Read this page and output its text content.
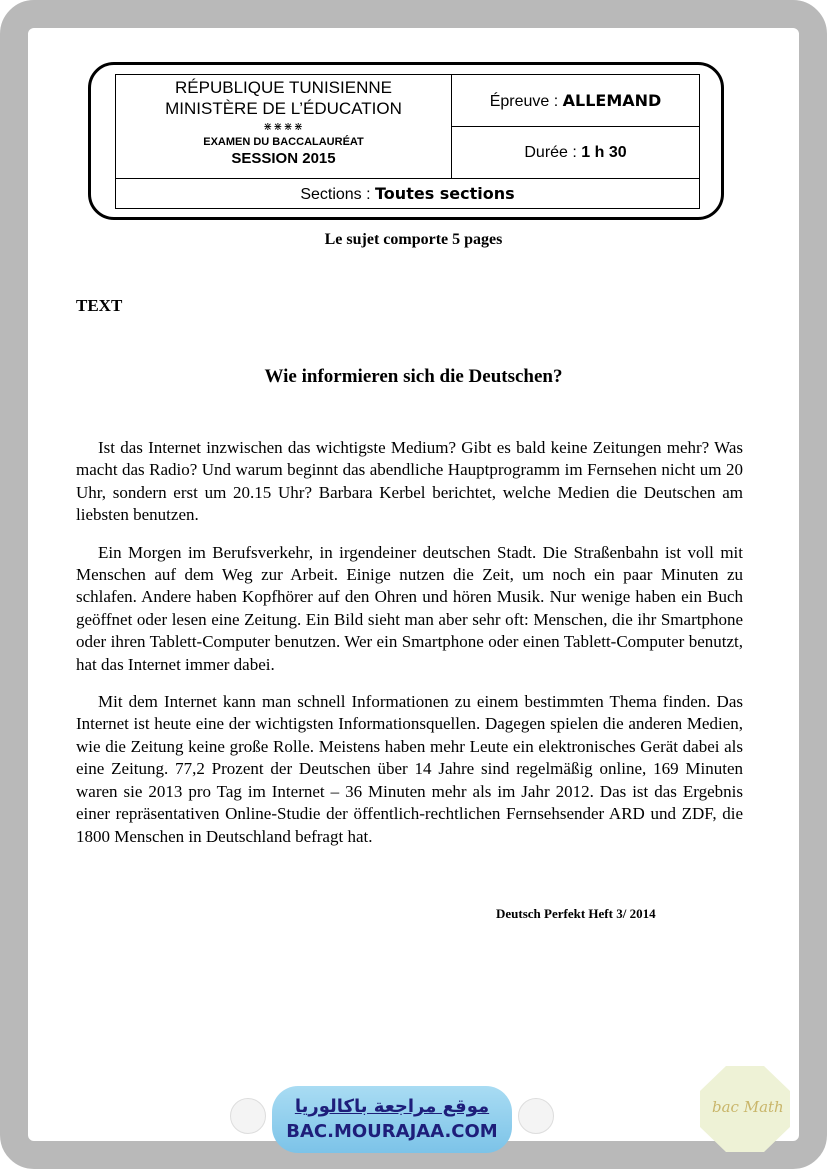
RÉPUBLIQUE TUNISIENNE
MINISTÈRE DE L’ÉDUCATION
⋇⋇⋇⋇
EXAMEN DU BACCALAURÉAT
SESSION 2015
	Épreuve : ALLEMAND
Durée : 1 h 30
Sections : Toutes sections
Le sujet comporte 5 pages
TEXT
Wie informieren sich die Deutschen?

Ist das Internet inzwischen das wichtigste Medium? Gibt es bald keine Zeitungen mehr? Was macht das Radio? Und warum beginnt das abendliche Hauptprogramm im Fernsehen nicht um 20 Uhr, sondern erst um 20.15 Uhr? Barbara Kerbel berichtet, welche Medien die Deutschen am liebsten benutzen.

Ein Morgen im Berufsverkehr, in irgendeiner deutschen Stadt. Die Straßenbahn ist voll mit Menschen auf dem Weg zur Arbeit. Einige nutzen die Zeit, um noch ein paar Minuten zu schlafen. Andere haben Kopfhörer auf den Ohren und hören Musik. Nur wenige haben ein Buch geöffnet oder lesen eine Zeitung. Ein Bild sieht man aber sehr oft: Menschen, die ihr Smartphone oder ihren Tablett-Computer benutzen. Wer ein Smartphone oder einen Tablett-Computer benutzt, hat das Internet immer dabei.

Mit dem Internet kann man schnell Informationen zu einem bestimmten Thema finden. Das Internet ist heute eine der wichtigsten Informationsquellen. Dagegen spielen die anderen Medien, wie die Zeitung keine große Rolle. Meistens haben mehr Leute ein elektronisches Gerät dabei als eine Zeitung. 77,2 Prozent der Deutschen über 14 Jahre sind regelmäßig online, 169 Minuten waren sie 2013 pro Tag im Internet – 36 Minuten mehr als im Jahr 2012. Das ist das Ergebnis einer repräsentativen Online-Studie der öffentlich-rechtlichen Fernsehsender ARD und ZDF, die 1800 Menschen in Deutschland befragt hat.

Deutsch Perfekt Heft 3/ 2014
موقع مراجعة باكالوريا
BAC.MOURAJAA.COM
bac Math
